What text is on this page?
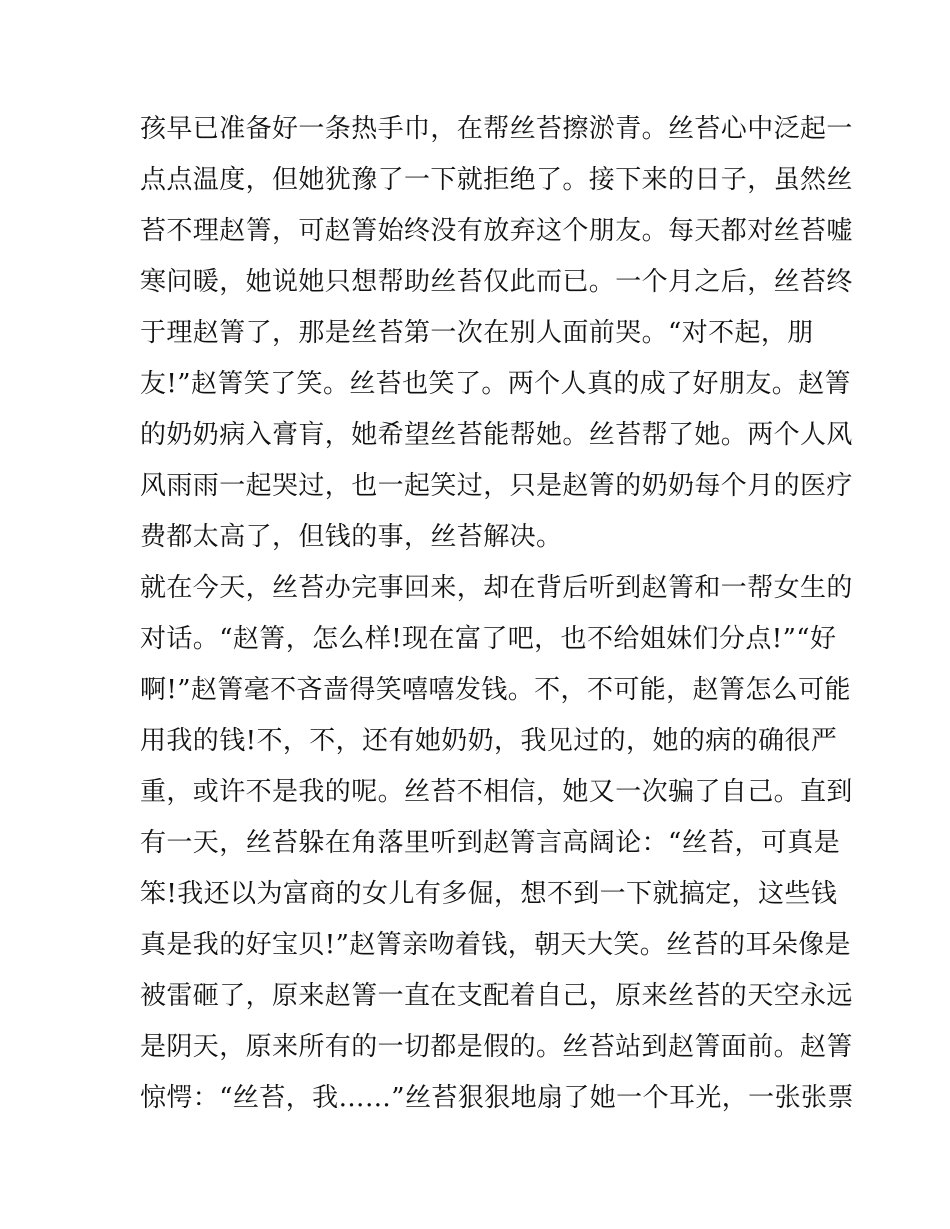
孩早已准备好一条热手巾，在帮丝苔擦淤青。丝苔心中泛起一

点点温度，但她犹豫了一下就拒绝了。接下来的日子，虽然丝

苔不理赵箐，可赵箐始终没有放弃这个朋友。每天都对丝苔嘘

寒问暖，她说她只想帮助丝苔仅此而已。一个月之后，丝苔终

于理赵箐了，那是丝苔第一次在别人面前哭。“对不起，朋

友!”赵箐笑了笑。丝苔也笑了。两个人真的成了好朋友。赵箐

的奶奶病入膏肓，她希望丝苔能帮她。丝苔帮了她。两个人风

风雨雨一起哭过，也一起笑过，只是赵箐的奶奶每个月的医疗

费都太高了，但钱的事，丝苔解决。

就在今天，丝苔办完事回来，却在背后听到赵箐和一帮女生的

对话。“赵箐，怎么样!现在富了吧，也不给姐妹们分点!”“好

啊!”赵箐毫不吝啬得笑嘻嘻发钱。不，不可能，赵箐怎么可能

用我的钱!不，不，还有她奶奶，我见过的，她的病的确很严

重，或许不是我的呢。丝苔不相信，她又一次骗了自己。直到

有一天，丝苔躲在角落里听到赵箐言高阔论：“丝苔，可真是

笨!我还以为富商的女儿有多倔，想不到一下就搞定，这些钱

真是我的好宝贝!”赵箐亲吻着钱，朝天大笑。丝苔的耳朵像是

被雷砸了，原来赵箐一直在支配着自己，原来丝苔的天空永远

是阴天，原来所有的一切都是假的。丝苔站到赵箐面前。赵箐

惊愕：“丝苔，我……”丝苔狠狠地扇了她一个耳光，一张张票
